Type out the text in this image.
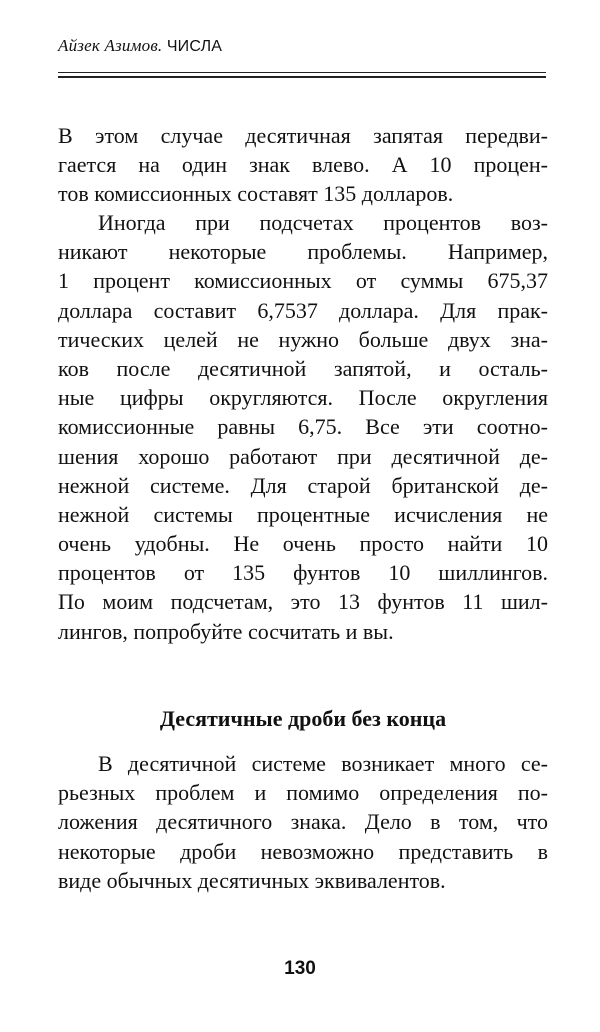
Айзек Азимов. ЧИСЛА
В этом случае десятичная запятая передви-
гается на один знак влево. А 10 процен-
тов комиссионных составят 135 долларов.
Иногда при подсчетах процентов воз-
никают некоторые проблемы. Например,
1 процент комиссионных от суммы 675,37
доллара составит 6,7537 доллара. Для прак-
тических целей не нужно больше двух зна-
ков после десятичной запятой, и осталь-
ные цифры округляются. После округления
комиссионные равны 6,75. Все эти соотно-
шения хорошо работают при десятичной де-
нежной системе. Для старой британской де-
нежной системы процентные исчисления не
очень удобны. Не очень просто найти 10
процентов от 135 фунтов 10 шиллингов.
По моим подсчетам, это 13 фунтов 11 шил-
лингов, попробуйте сосчитать и вы.
Десятичные дроби без конца
В десятичной системе возникает много се-
рьезных проблем и помимо определения по-
ложения десятичного знака. Дело в том, что
некоторые дроби невозможно представить в
виде обычных десятичных эквивалентов.
130
